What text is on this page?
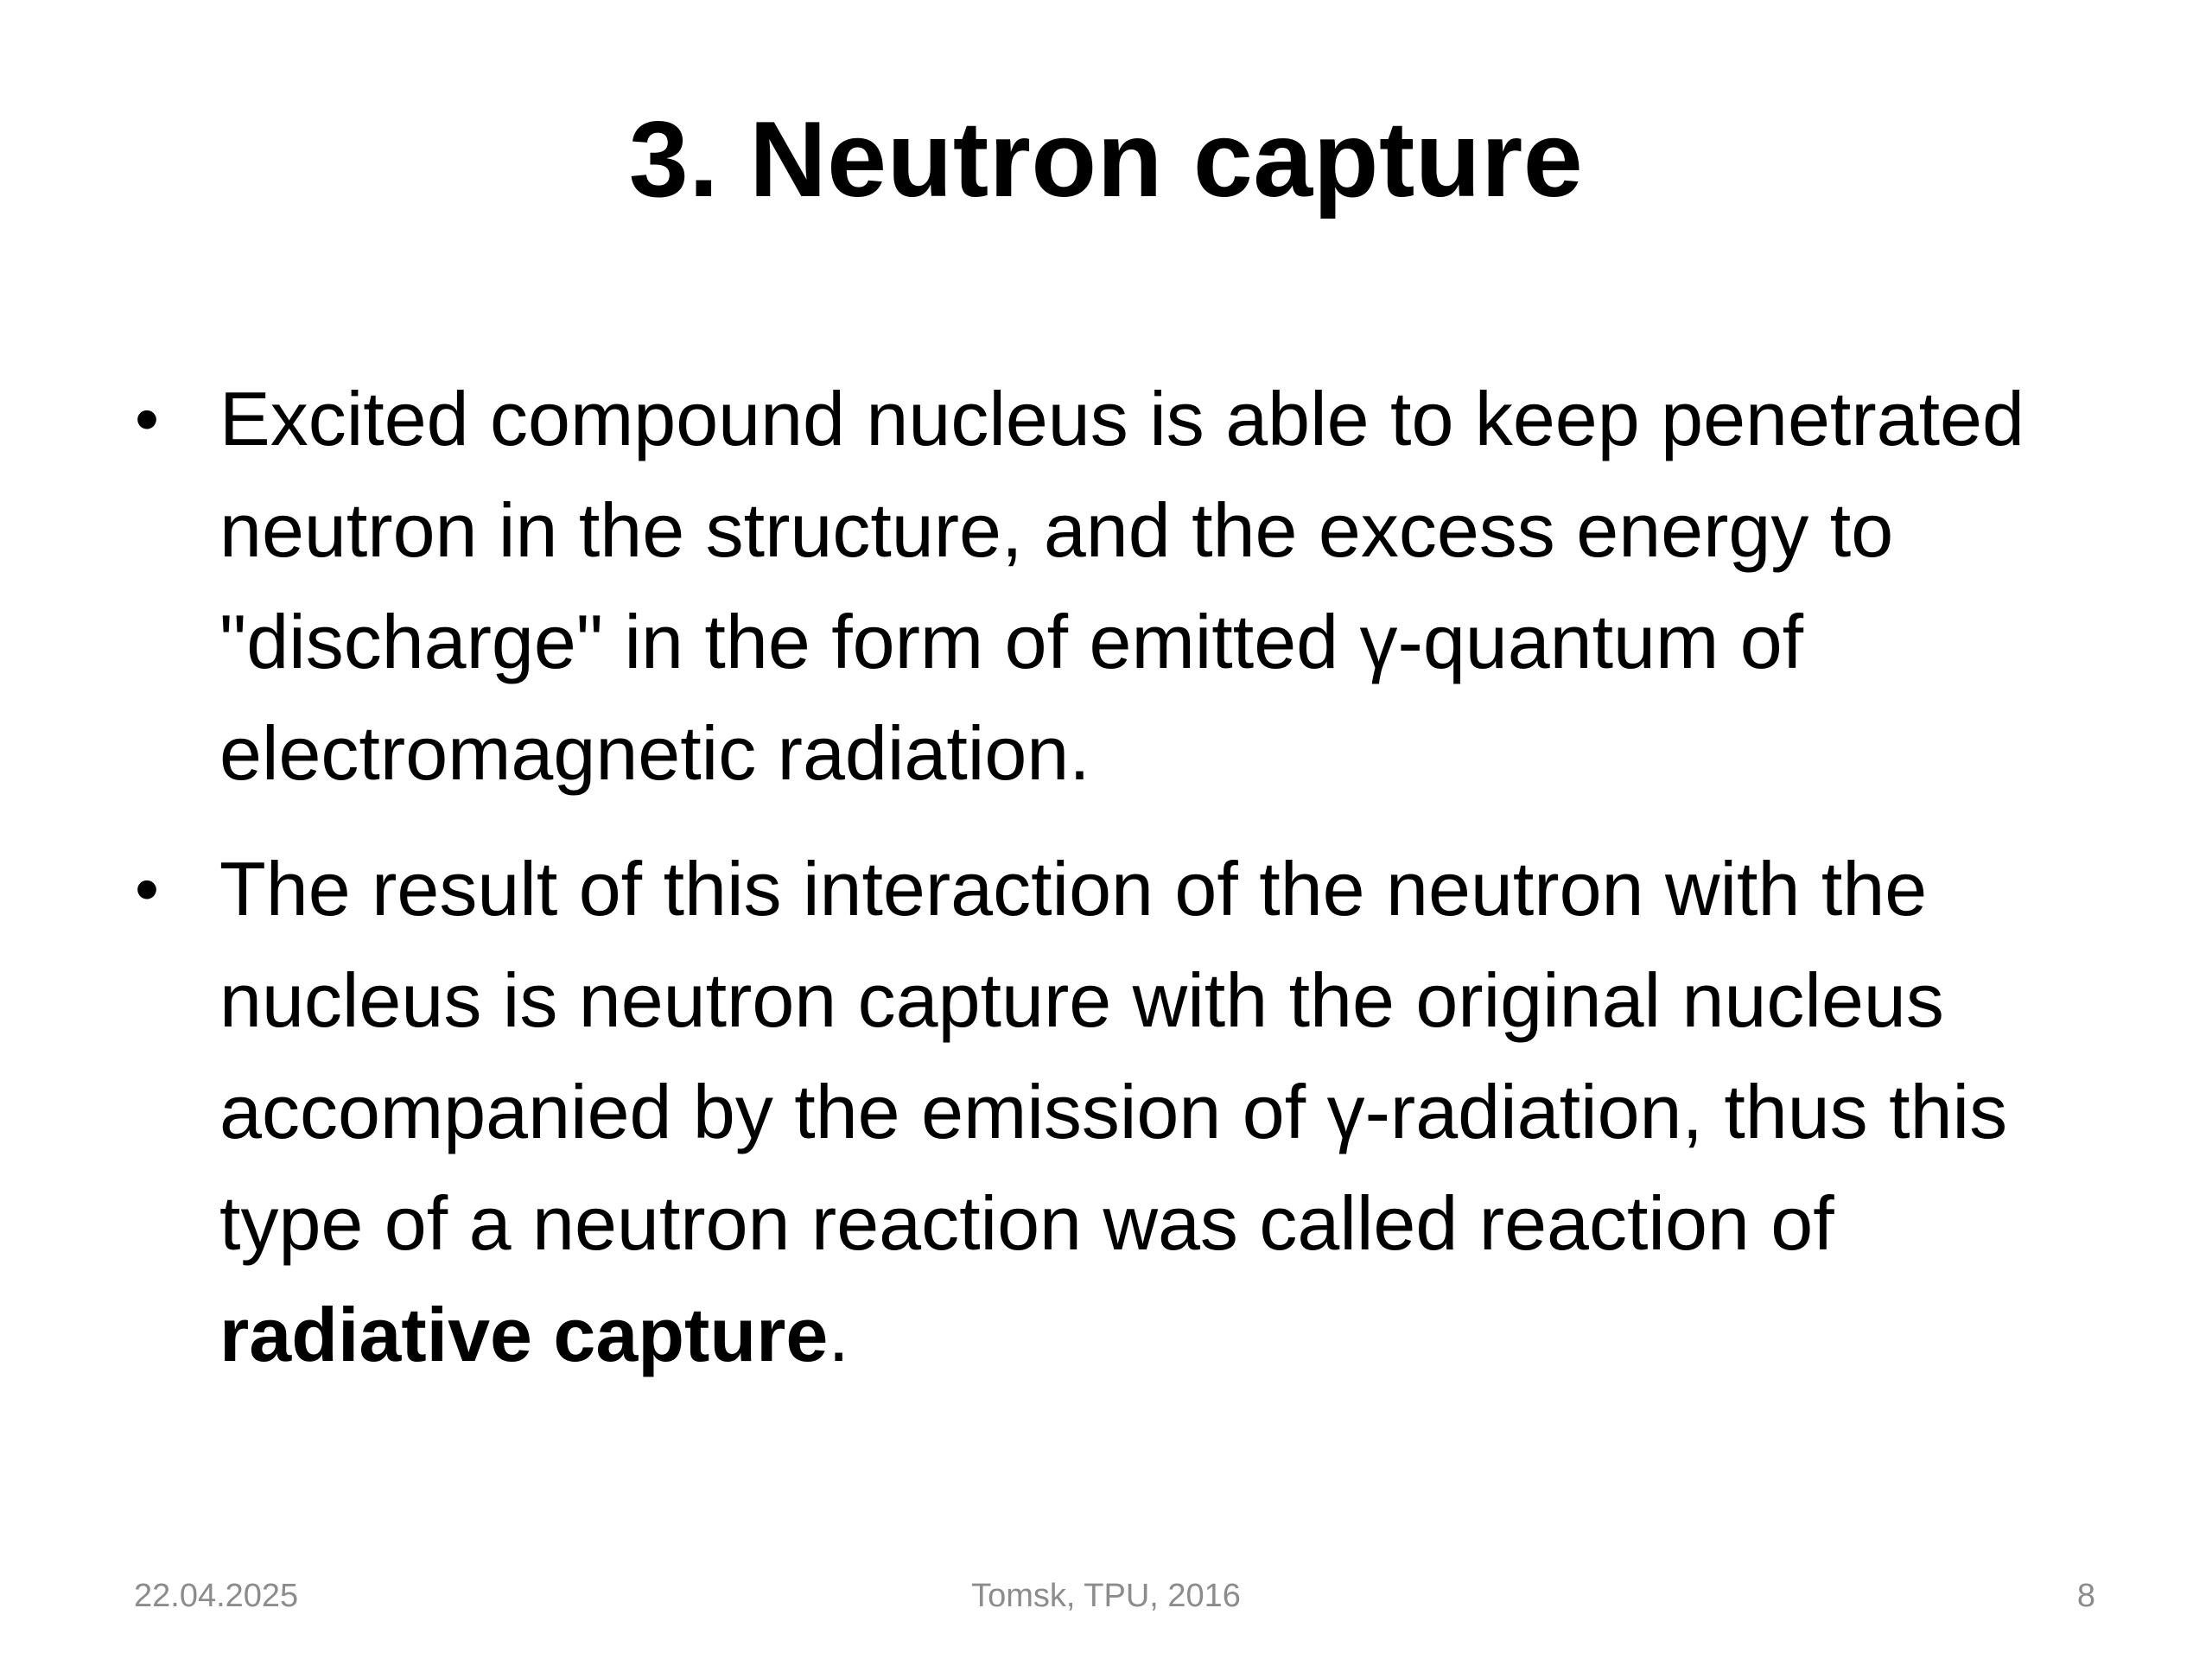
3. Neutron capture
• Excited compound nucleus is able to keep penetrated neutron in the structure, and the excess energy to "discharge" in the form of emitted γ-quantum of electromagnetic radiation.
• The result of this interaction of the neutron with the nucleus is neutron capture with the original nucleus accompanied by the emission of γ-radiation, thus this type of a neutron reaction was called reaction of radiative capture.
22.04.2025	Tomsk, TPU, 2016	8
